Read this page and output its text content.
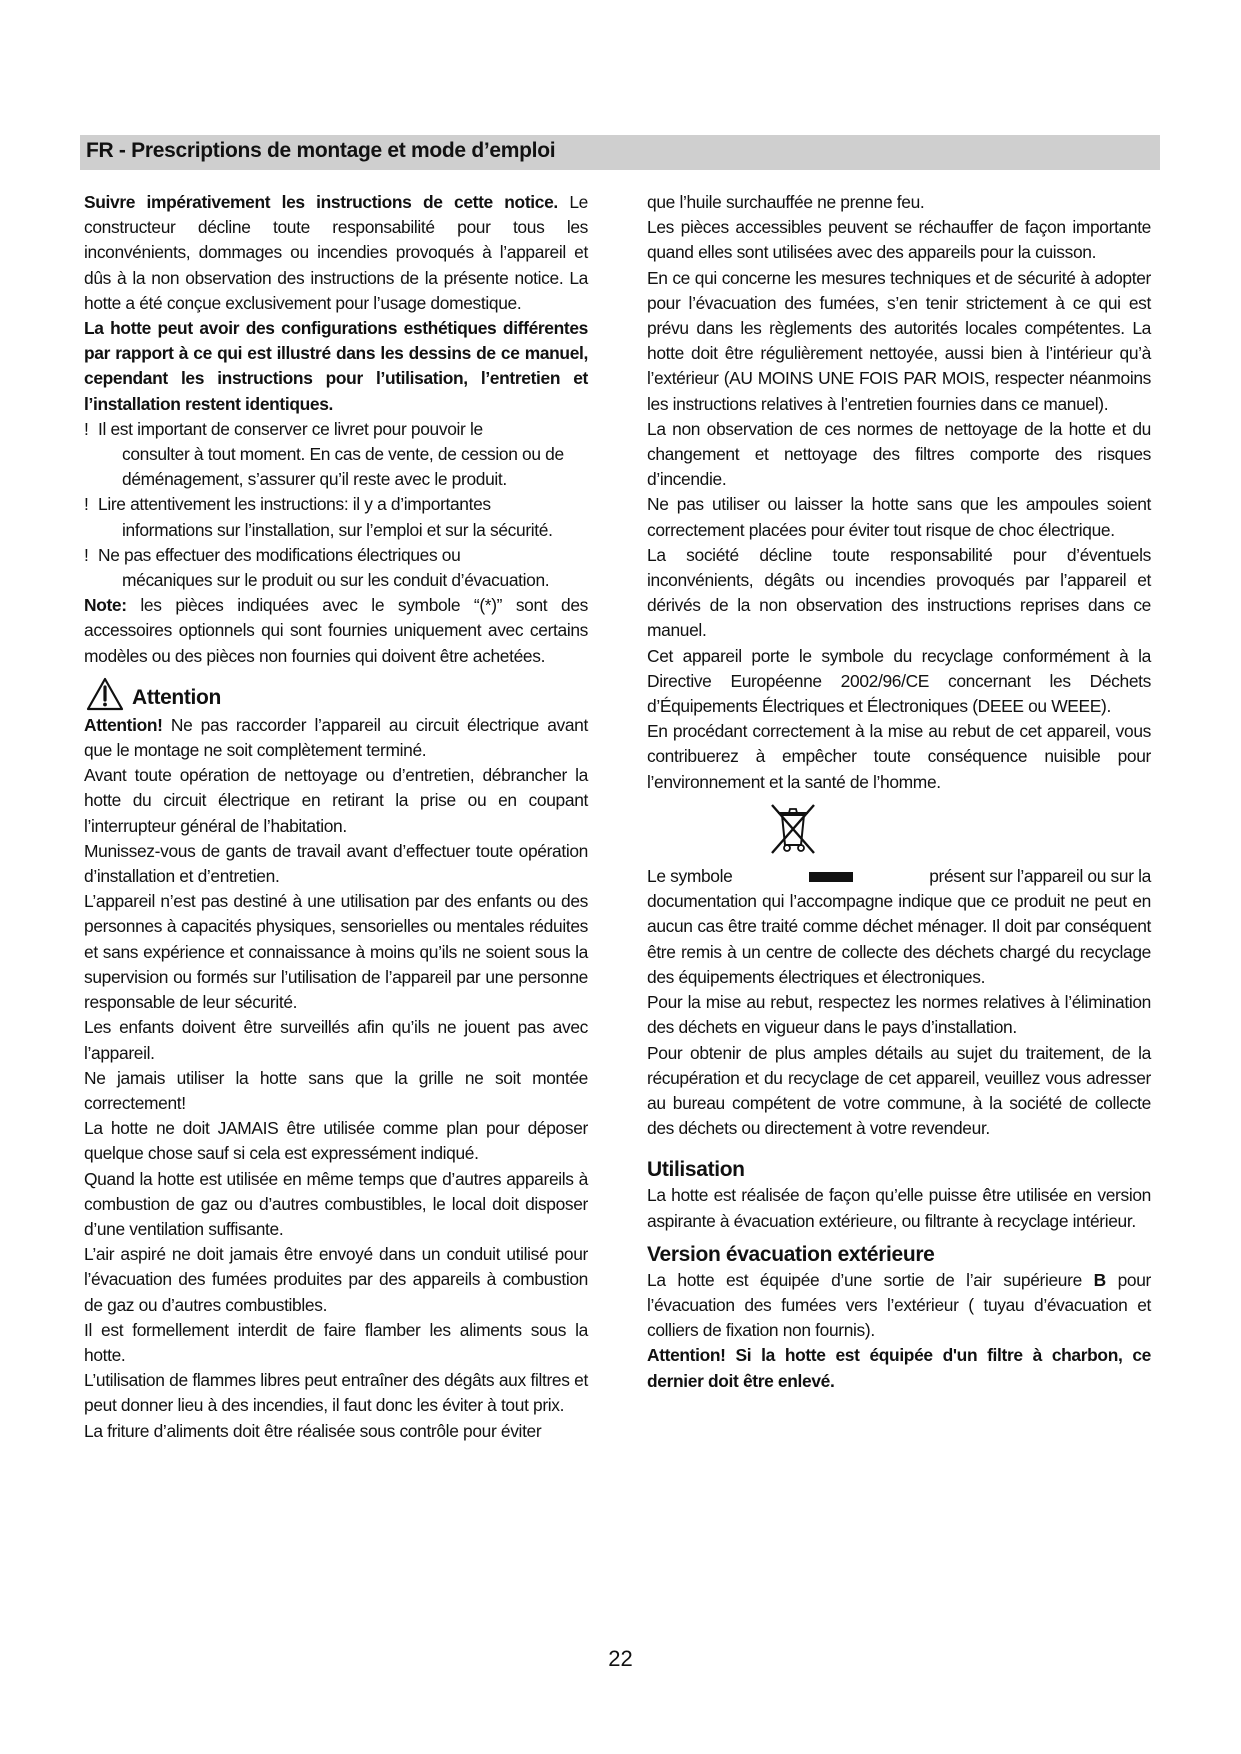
FR - Prescriptions de montage et mode d’emploi

Suivre impérativement les instructions de cette notice. Le constructeur décline toute responsabilité pour tous les inconvénients, dommages ou incendies provoqués à l’appareil et dûs à la non observation des instructions de la présente notice. La hotte a été conçue exclusivement pour l’usage domestique.

La hotte peut avoir des configurations esthétiques différentes par rapport à ce qui est illustré dans les dessins de ce manuel, cependant les instructions pour l’utilisation, l’entretien et l’installation restent identiques.

! Il est important de conserver ce livret pour pouvoir le

consulter à tout moment. En cas de vente, de cession ou de déménagement, s’assurer qu’il reste avec le produit.

! Lire attentivement les instructions: il y a d’importantes

informations sur l’installation, sur l’emploi et sur la sécurité.

! Ne pas effectuer des modifications électriques ou

mécaniques sur le produit ou sur les conduit d’évacuation.

Note: les pièces indiquées avec le symbole “(*)” sont des accessoires optionnels qui sont fournies uniquement avec certains modèles ou des pièces non fournies qui doivent être achetées.

Attention

Attention! Ne pas raccorder l’appareil au circuit électrique avant que le montage ne soit complètement terminé.

Avant toute opération de nettoyage ou d’entretien, débrancher la hotte du circuit électrique en retirant la prise ou en coupant l’interrupteur général de l’habitation.

Munissez-vous de gants de travail avant d’effectuer toute opération d’installation et d’entretien.

L’appareil n’est pas destiné à une utilisation par des enfants ou des personnes à capacités physiques, sensorielles ou mentales réduites et sans expérience et connaissance à moins qu’ils ne soient sous la supervision ou formés sur l’utilisation de l’appareil par une personne responsable de leur sécurité.

Les enfants doivent être surveillés afin qu’ils ne jouent pas avec l’appareil.

Ne jamais utiliser la hotte sans que la grille ne soit montée correctement!

La hotte ne doit JAMAIS être utilisée comme plan pour déposer quelque chose sauf si cela est expressément indiqué.

Quand la hotte est utilisée en même temps que d’autres appareils à combustion de gaz ou d’autres combustibles, le local doit disposer d’une ventilation suffisante.

L’air aspiré ne doit jamais être envoyé dans un conduit utilisé pour l’évacuation des fumées produites par des appareils à combustion de gaz ou d’autres combustibles.

Il est formellement interdit de faire flamber les aliments sous la hotte.

L’utilisation de flammes libres peut entraîner des dégâts aux filtres et peut donner lieu à des incendies, il faut donc les éviter à tout prix.

La friture d’aliments doit être réalisée sous contrôle pour éviter

que l’huile surchauffée ne prenne feu.

Les pièces accessibles peuvent se réchauffer de façon importante quand elles sont utilisées avec des appareils pour la cuisson.

En ce qui concerne les mesures techniques et de sécurité à adopter pour l’évacuation des fumées, s’en tenir strictement à ce qui est prévu dans les règlements des autorités locales compétentes. La hotte doit être régulièrement nettoyée, aussi bien à l’intérieur qu’à l’extérieur (AU MOINS UNE FOIS PAR MOIS, respecter néanmoins les instructions relatives à l’entretien fournies dans ce manuel).

La non observation de ces normes de nettoyage de la hotte et du changement et nettoyage des filtres comporte des risques d’incendie.

Ne pas utiliser ou laisser la hotte sans que les ampoules soient correctement placées pour éviter tout risque de choc électrique.

La société décline toute responsabilité pour d’éventuels inconvénients, dégâts ou incendies provoqués par l’appareil et dérivés de la non observation des instructions reprises dans ce manuel.

Cet appareil porte le symbole du recyclage conformément à la Directive Européenne 2002/96/CE concernant les Déchets d’Équipements Électriques et Électroniques (DEEE ou WEEE).

En procédant correctement à la mise au rebut de cet appareil, vous contribuerez à empêcher toute conséquence nuisible pour l’environnement et la santé de l’homme.

Le symbole	présent sur l’appareil ou sur la

documentation qui l’accompagne indique que ce produit ne peut en aucun cas être traité comme déchet ménager. Il doit par conséquent être remis à un centre de collecte des déchets chargé du recyclage des équipements électriques et électroniques.

Pour la mise au rebut, respectez les normes relatives à l’élimination des déchets en vigueur dans le pays d’installation.

Pour obtenir de plus amples détails au sujet du traitement, de la récupération et du recyclage de cet appareil, veuillez vous adresser au bureau compétent de votre commune, à la société de collecte des déchets ou directement à votre revendeur.

Utilisation

La hotte est réalisée de façon qu’elle puisse être utilisée en version aspirante à évacuation extérieure, ou filtrante à recyclage intérieur.

Version évacuation extérieure

La hotte est équipée d’une sortie de l’air supérieure B pour l’évacuation des fumées vers l’extérieur ( tuyau d’évacuation et colliers de fixation non fournis).

Attention! Si la hotte est équipée d'un filtre à charbon, ce dernier doit être enlevé.

22
